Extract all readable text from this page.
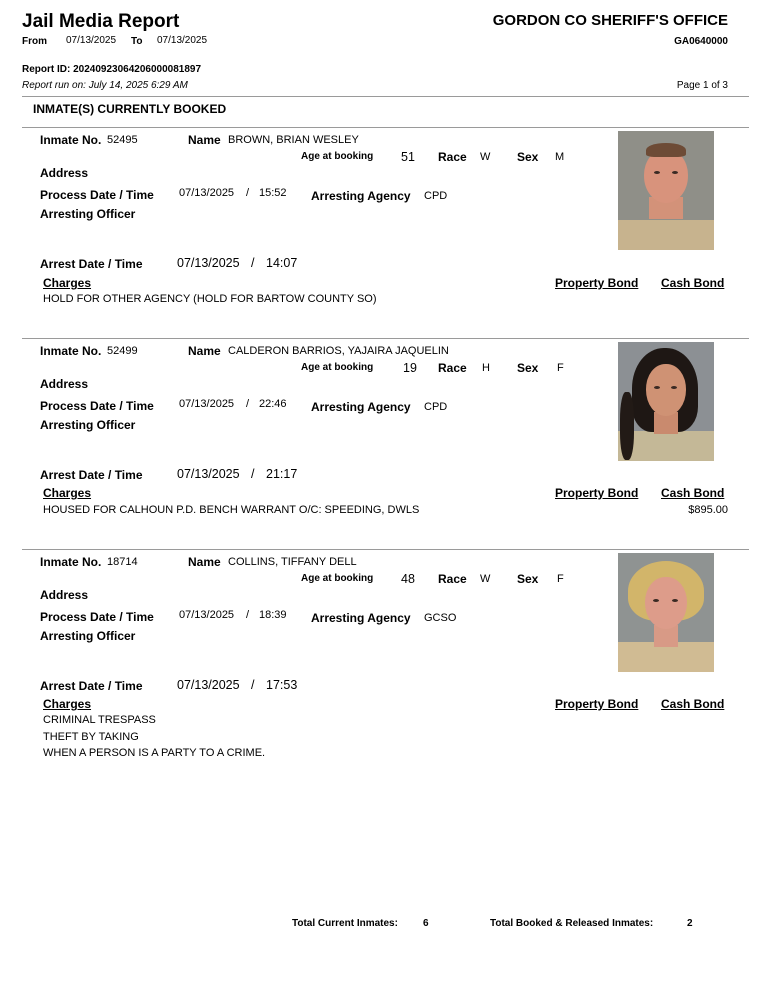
Jail Media Report	GORDON CO SHERIFF'S OFFICE
From 07/13/2025 To 07/13/2025	GA0640000
Report ID: 20240923064206000081897
Report run on: July 14, 2025 6:29 AM	Page 1 of 3
INMATE(S) CURRENTLY BOOKED
Inmate No. 52495	Name BROWN, BRIAN WESLEY
Age at booking 51 Race W Sex M
Address
Process Date / Time 07/13/2025 / 15:52 Arresting Agency CPD
Arresting Officer
Arrest Date / Time	07/13/2025 / 14:07
Charges	Property Bond Cash Bond
HOLD FOR OTHER AGENCY (HOLD FOR BARTOW COUNTY SO)
Inmate No. 52499	Name CALDERON BARRIOS, YAJAIRA JAQUELIN
Age at booking 19 Race H Sex F
Address
Process Date / Time 07/13/2025 / 22:46 Arresting Agency CPD
Arresting Officer
Arrest Date / Time	07/13/2025 / 21:17
Charges	Property Bond Cash Bond
HOUSED FOR CALHOUN P.D. BENCH WARRANT O/C: SPEEDING, DWLS	$895.00
Inmate No. 18714	Name COLLINS, TIFFANY DELL
Age at booking 48 Race W Sex F
Address
Process Date / Time 07/13/2025 / 18:39 Arresting Agency GCSO
Arresting Officer
Arrest Date / Time	07/13/2025 / 17:53
Charges	Property Bond Cash Bond
CRIMINAL TRESPASS
THEFT BY TAKING
WHEN A PERSON IS A PARTY TO A CRIME.
Total Current Inmates:	6	Total Booked & Released Inmates:	2
